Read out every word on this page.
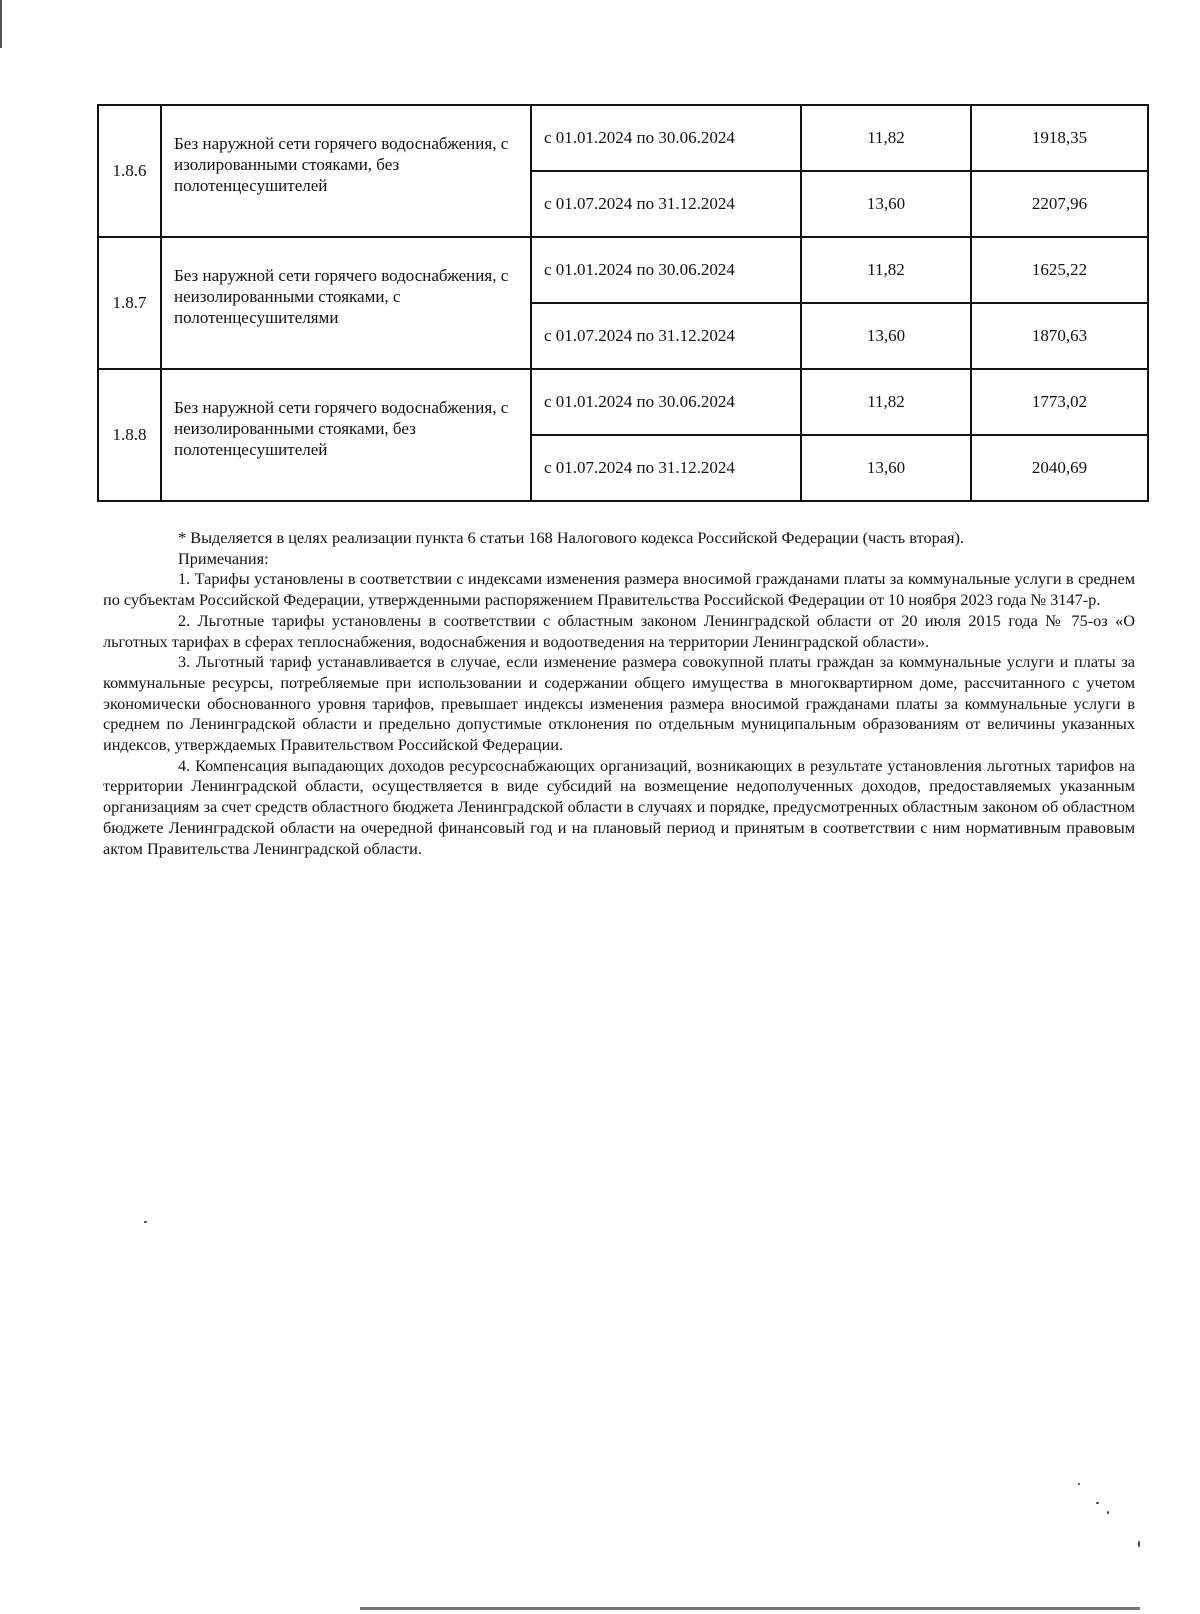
1.8.6	Без наружной сети горячего водоснабжения, с изолированными стояками, без полотенцесушителей	с 01.01.2024 по 30.06.2024	11,82	1918,35

		с 01.07.2024 по 31.12.2024	13,60	2207,96
1.8.7	Без наружной сети горячего водоснабжения, с неизолированными стояками, с полотенцесушителями	с 01.01.2024 по 30.06.2024	11,82	1625,22

		с 01.07.2024 по 31.12.2024	13,60	1870,63
1.8.8	Без наружной сети горячего водоснабжения, с неизолированными стояками, без полотенцесушителей	с 01.01.2024 по 30.06.2024	11,82	1773,02

		с 01.07.2024 по 31.12.2024	13,60	2040,69

* Выделяется в целях реализации пункта 6 статьи 168 Налогового кодекса Российской Федерации (часть вторая).

Примечания:

1. Тарифы установлены в соответствии с индексами изменения размера вносимой гражданами платы за коммунальные услуги в среднем по субъектам Российской Федерации, утвержденными распоряжением Правительства Российской Федерации от 10 ноября 2023 года № 3147-р.

2. Льготные тарифы установлены в соответствии с областным законом Ленинградской области от 20 июля 2015 года № 75-оз «О льготных тарифах в сферах теплоснабжения, водоснабжения и водоотведения на территории Ленинградской области».

3. Льготный тариф устанавливается в случае, если изменение размера совокупной платы граждан за коммунальные услуги и платы за коммунальные ресурсы, потребляемые при использовании и содержании общего имущества в многоквартирном доме, рассчитанного с учетом экономически обоснованного уровня тарифов, превышает индексы изменения размера вносимой гражданами платы за коммунальные услуги в среднем по Ленинградской области и предельно допустимые отклонения по отдельным муниципальным образованиям от величины указанных индексов, утверждаемых Правительством Российской Федерации.

4. Компенсация выпадающих доходов ресурсоснабжающих организаций, возникающих в результате установления льготных тарифов на территории Ленинградской области, осуществляется в виде субсидий на возмещение недополученных доходов, предоставляемых указанным организациям за счет средств областного бюджета Ленинградской области в случаях и порядке, предусмотренных областным законом об областном бюджете Ленинградской области на очередной финансовый год и на плановый период и принятым в соответствии с ним нормативным правовым актом Правительства Ленинградской области.
